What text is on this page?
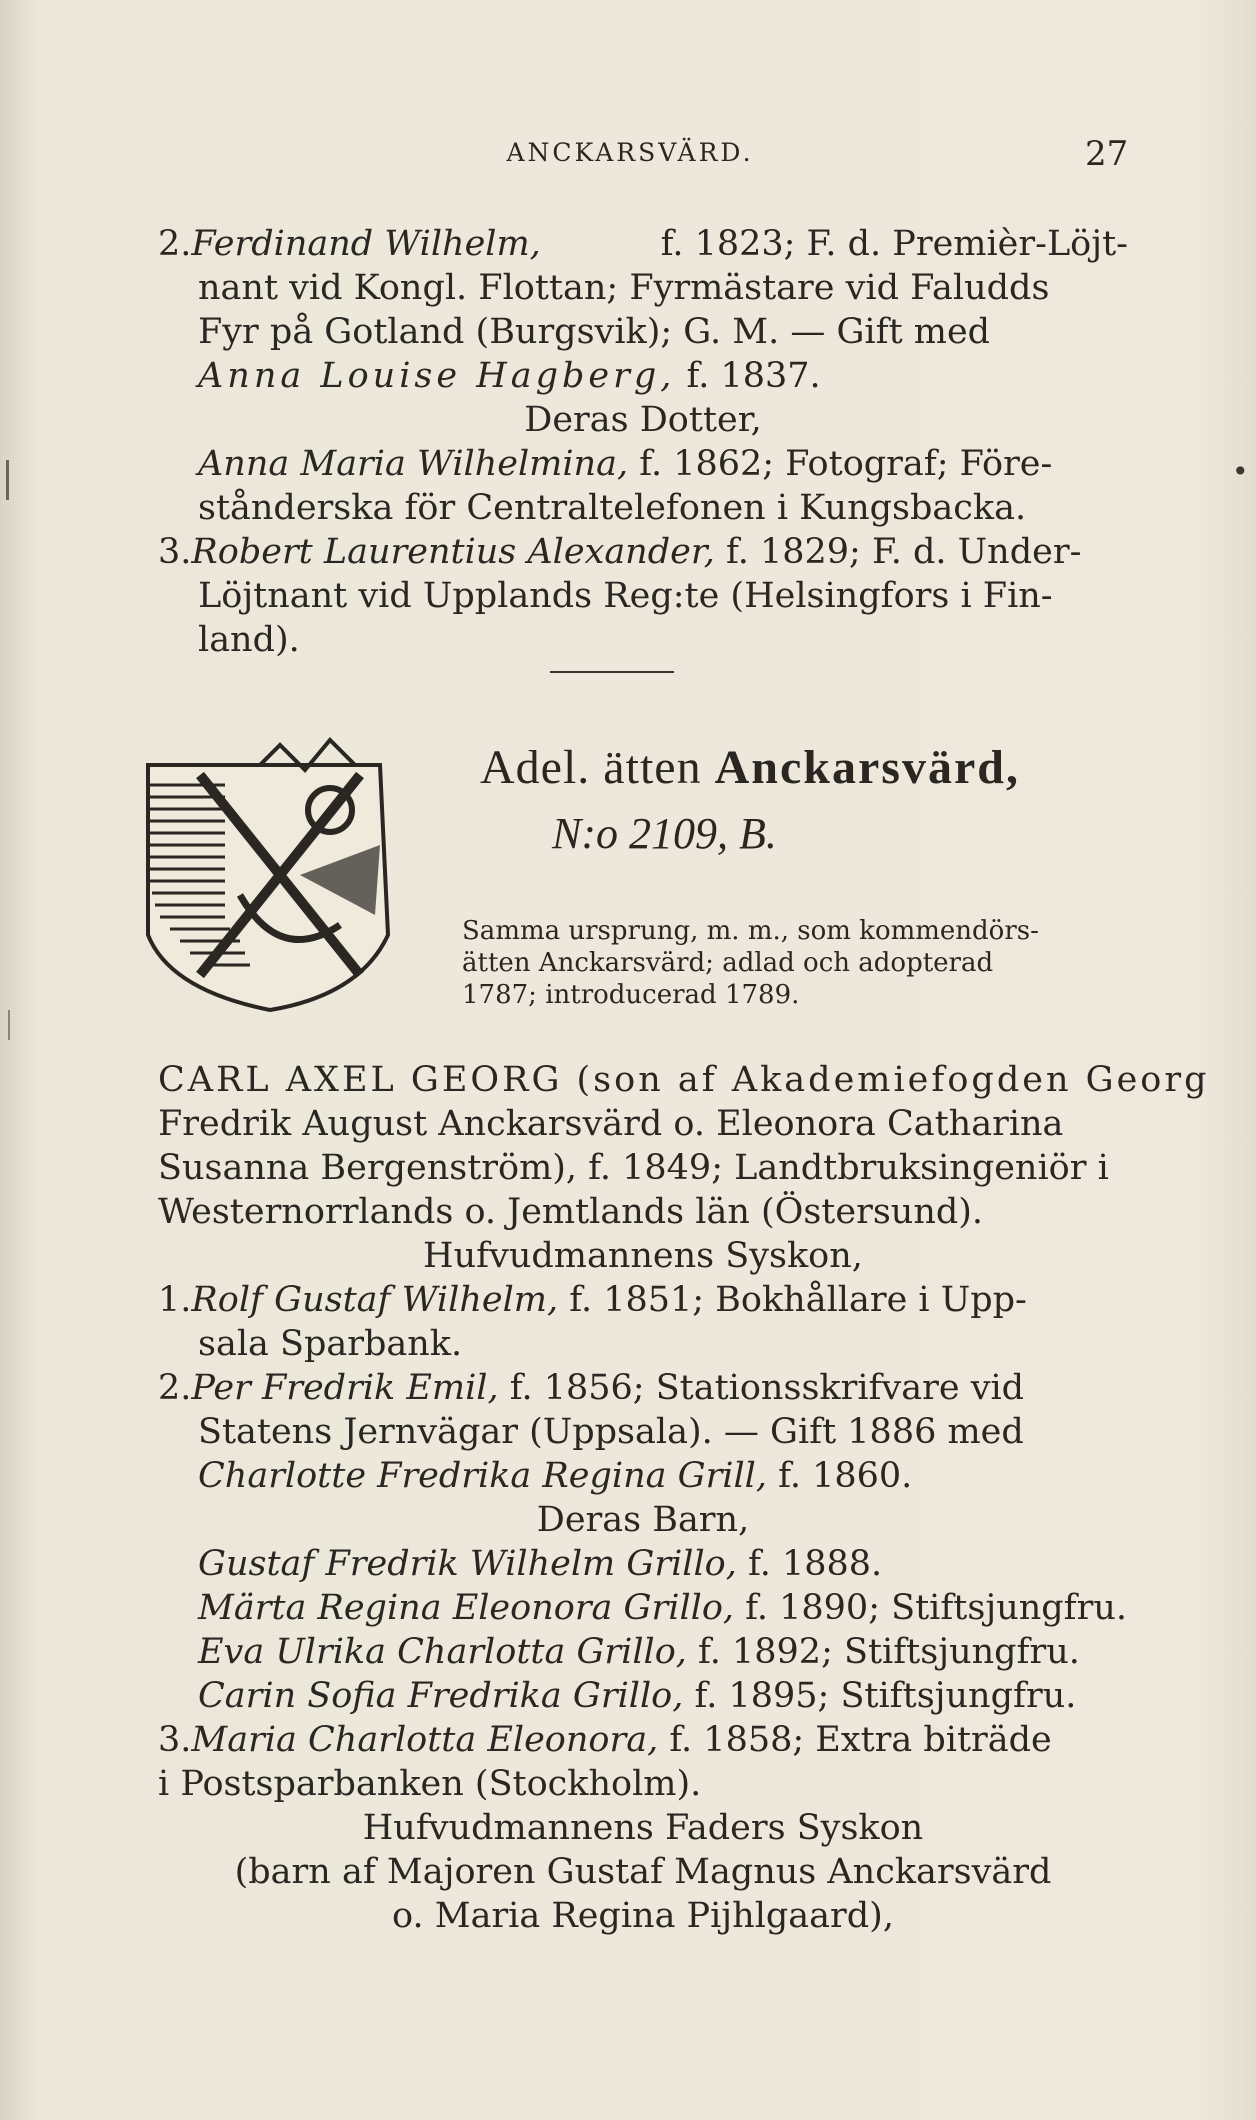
•
ANCKARSVÄRD.	27
2.Ferdinand Wilhelm,	f. 1823; F. d. Premièr-Löjt-
nant vid Kongl. Flottan; Fyrmästare vid Faludds
Fyr på Gotland (Burgsvik); G. M. — Gift med
Anna Louise Hagberg, f. 1837.
Deras Dotter,
Anna Maria Wilhelmina, f. 1862; Fotograf; Före-
stånderska för Centraltelefonen i Kungsbacka.
3.Robert Laurentius Alexander, f. 1829; F. d. Under-
Löjtnant vid Upplands Reg:te (Helsingfors i Fin-
land).
Adel. ätten Anckarsvärd,
N:o 2109, B.
Samma ursprung, m. m., som kommendörs-
ätten Anckarsvärd; adlad och adopterad
1787; introducerad 1789.
CARL AXEL GEORG (son af Akademiefogden Georg
Fredrik August Anckarsvärd o. Eleonora Catharina
Susanna Bergenström), f. 1849; Landtbruksingeniör i
Westernorrlands o. Jemtlands län (Östersund).
Hufvudmannens Syskon,
1.Rolf Gustaf Wilhelm, f. 1851; Bokhållare i Upp-
sala Sparbank.
2.Per Fredrik Emil, f. 1856; Stationsskrifvare vid
Statens Jernvägar (Uppsala). — Gift 1886 med
Charlotte Fredrika Regina Grill, f. 1860.
Deras Barn,
Gustaf Fredrik Wilhelm Grillo, f. 1888.
Märta Regina Eleonora Grillo, f. 1890; Stiftsjungfru.
Eva Ulrika Charlotta Grillo, f. 1892; Stiftsjungfru.
Carin Sofia Fredrika Grillo, f. 1895; Stiftsjungfru.
3.Maria Charlotta Eleonora, f. 1858; Extra biträde
i Postsparbanken (Stockholm).
Hufvudmannens Faders Syskon
(barn af Majoren Gustaf Magnus Anckarsvärd
o. Maria Regina Pijhlgaard),
